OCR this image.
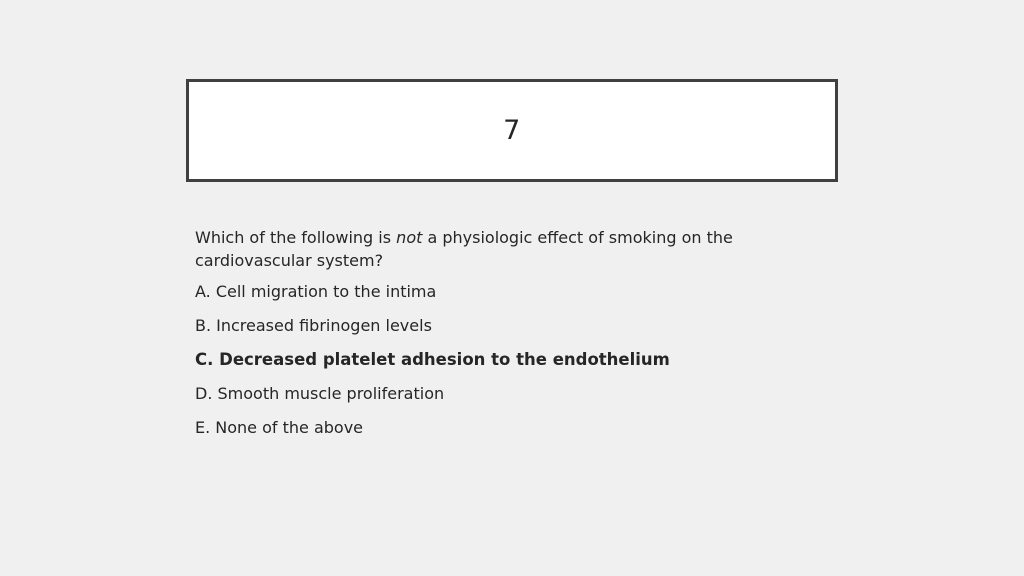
7

Which of the following is not a physiologic effect of smoking on the cardiovascular system?

A. Cell migration to the intima
B. Increased fibrinogen levels
C. Decreased platelet adhesion to the endothelium
D. Smooth muscle proliferation
E. None of the above
